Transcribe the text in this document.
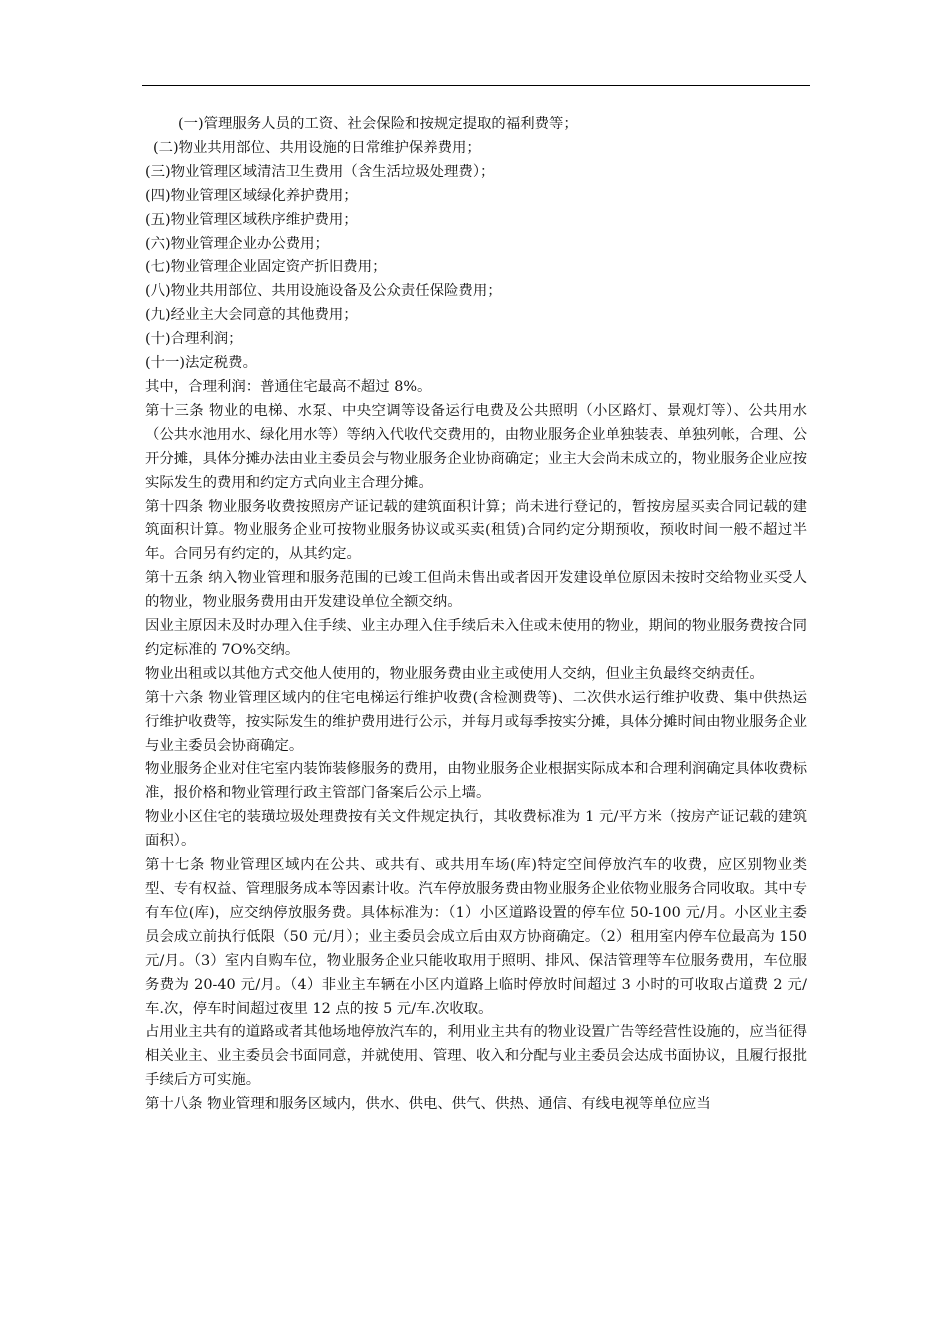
(一)管理服务人员的工资、社会保险和按规定提取的福利费等；

(二)物业共用部位、共用设施的日常维护保养费用；

(三)物业管理区域清洁卫生费用（含生活垃圾处理费）；

(四)物业管理区域绿化养护费用；

(五)物业管理区域秩序维护费用；

(六)物业管理企业办公费用；

(七)物业管理企业固定资产折旧费用；

(八)物业共用部位、共用设施设备及公众责任保险费用；

(九)经业主大会同意的其他费用；

(十)合理利润；

(十一)法定税费。

其中，合理利润：普通住宅最高不超过 8%。

第十三条 物业的电梯、水泵、中央空调等设备运行电费及公共照明（小区路灯、景观灯等）、公共用水（公共水池用水、绿化用水等）等纳入代收代交费用的，由物业服务企业单独装表、单独列帐，合理、公开分摊，具体分摊办法由业主委员会与物业服务企业协商确定；业主大会尚未成立的，物业服务企业应按实际发生的费用和约定方式向业主合理分摊。

第十四条 物业服务收费按照房产证记载的建筑面积计算；尚未进行登记的，暂按房屋买卖合同记载的建筑面积计算。物业服务企业可按物业服务协议或买卖(租赁)合同约定分期预收，预收时间一般不超过半年。合同另有约定的，从其约定。

第十五条 纳入物业管理和服务范围的已竣工但尚未售出或者因开发建设单位原因未按时交给物业买受人的物业，物业服务费用由开发建设单位全额交纳。

因业主原因未及时办理入住手续、业主办理入住手续后未入住或未使用的物业，期间的物业服务费按合同约定标准的 7O%交纳。

物业出租或以其他方式交他人使用的，物业服务费由业主或使用人交纳，但业主负最终交纳责任。

第十六条 物业管理区域内的住宅电梯运行维护收费(含检测费等)、二次供水运行维护收费、集中供热运行维护收费等，按实际发生的维护费用进行公示，并每月或每季按实分摊，具体分摊时间由物业服务企业与业主委员会协商确定。

物业服务企业对住宅室内装饰装修服务的费用，由物业服务企业根据实际成本和合理利润确定具体收费标准，报价格和物业管理行政主管部门备案后公示上墙。

物业小区住宅的装璜垃圾处理费按有关文件规定执行，其收费标准为 1 元/平方米（按房产证记载的建筑面积）。

第十七条 物业管理区域内在公共、或共有、或共用车场(库)特定空间停放汽车的收费，应区别物业类型、专有权益、管理服务成本等因素计收。汽车停放服务费由物业服务企业依物业服务合同收取。其中专有车位(库)，应交纳停放服务费。具体标准为：（1）小区道路设置的停车位 50-100 元/月。小区业主委员会成立前执行低限（50 元/月）；业主委员会成立后由双方协商确定。（2）租用室内停车位最高为 150 元/月。（3）室内自购车位，物业服务企业只能收取用于照明、排风、保洁管理等车位服务费用，车位服务费为 20-40 元/月。（4）非业主车辆在小区内道路上临时停放时间超过 3 小时的可收取占道费 2 元/车.次，停车时间超过夜里 12 点的按 5 元/车.次收取。

占用业主共有的道路或者其他场地停放汽车的，利用业主共有的物业设置广告等经营性设施的，应当征得相关业主、业主委员会书面同意，并就使用、管理、收入和分配与业主委员会达成书面协议，且履行报批手续后方可实施。

第十八条 物业管理和服务区域内，供水、供电、供气、供热、通信、有线电视等单位应当
